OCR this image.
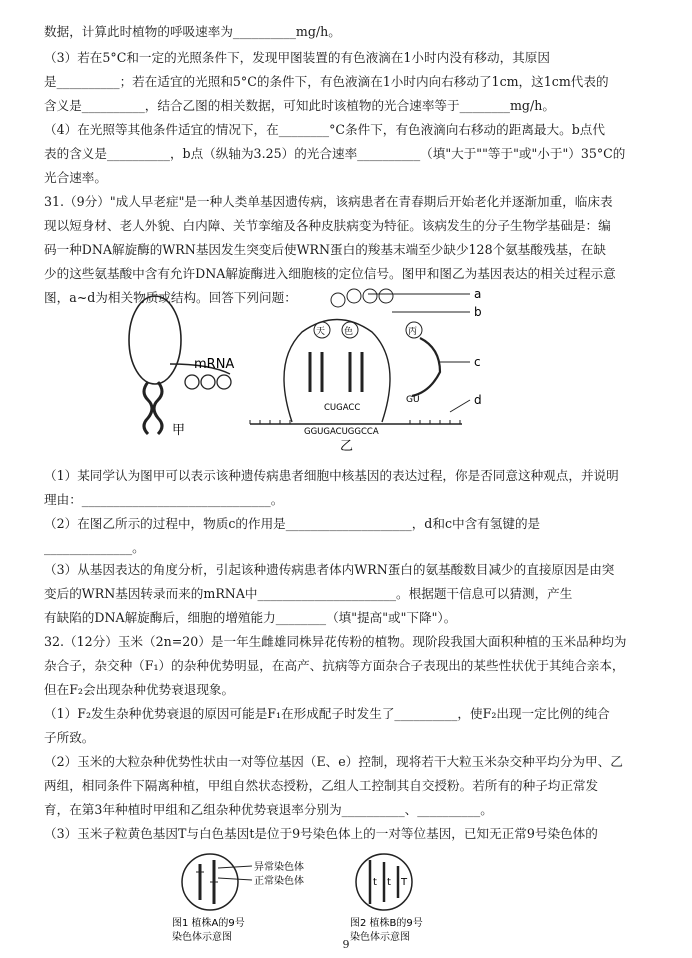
数据，计算此时植物的呼吸速率为__________mg/h。
（3）若在5°C和一定的光照条件下，发现甲图装置的有色液滴在1小时内没有移动，其原因
是__________；若在适宜的光照和5°C的条件下，有色液滴在1小时内向右移动了1cm，这1cm代表的
含义是__________，结合乙图的相关数据，可知此时该植物的光合速率等于________mg/h。
（4）在光照等其他条件适宜的情况下，在________°C条件下，有色液滴向右移动的距离最大。b点代
表的含义是__________，b点（纵轴为3.25）的光合速率__________（填"大于""等于"或"小于"）35°C的
光合速率。
31.（9分）"成人早老症"是一种人类单基因遗传病，该病患者在青春期后开始老化并逐渐加重，临床表
现以短身材、老人外貌、白内障、关节挛缩及各种皮肤病变为特征。该病发生的分子生物学基础是：编
码一种DNA解旋酶的WRN基因发生突变后使WRN蛋白的羧基末端至少缺少128个氨基酸残基，在缺
少的这些氨基酸中含有允许DNA解旋酶进入细胞核的定位信号。图甲和图乙为基因表达的相关过程示意
图，a~d为相关物质或结构。回答下列问题：
mRNA
甲
天 色
CUGACC
GGUGACUGGCCA
丙
GU
a
b
c
d
乙
（1）某同学认为图甲可以表示该种遗传病患者细胞中核基因的表达过程，你是否同意这种观点，并说明
理由：______________________________。
（2）在图乙所示的过程中，物质c的作用是____________________，d和c中含有氢键的是
______________。
（3）从基因表达的角度分析，引起该种遗传病患者体内WRN蛋白的氨基酸数目减少的直接原因是由突
变后的WRN基因转录而来的mRNA中______________________。根据题干信息可以猜测，产生
有缺陷的DNA解旋酶后，细胞的增殖能力________（填"提高"或"下降"）。
32.（12分）玉米（2n=20）是一年生雌雄同株异花传粉的植物。现阶段我国大面积种植的玉米品种均为
杂合子，杂交种（F₁）的杂种优势明显，在高产、抗病等方面杂合子表现出的某些性状优于其纯合亲本，
但在F₂会出现杂种优势衰退现象。
（1）F₂发生杂种优势衰退的原因可能是F₁在形成配子时发生了__________，使F₂出现一定比例的纯合
子所致。
（2）玉米的大粒杂种优势性状由一对等位基因（E、e）控制，现将若干大粒玉米杂交种平均分为甲、乙
两组，相同条件下隔离种植，甲组自然状态授粉，乙组人工控制其自交授粉。若所有的种子均正常发
育，在第3年种植时甲组和乙组杂种优势衰退率分别为__________、__________。
（3）玉米子粒黄色基因T与白色基因t是位于9号染色体上的一对等位基因，已知无正常9号染色体的
异常染色体
正常染色体
图1 植株A的9号
染色体示意图
t t T
图2 植株B的9号
染色体示意图
9
